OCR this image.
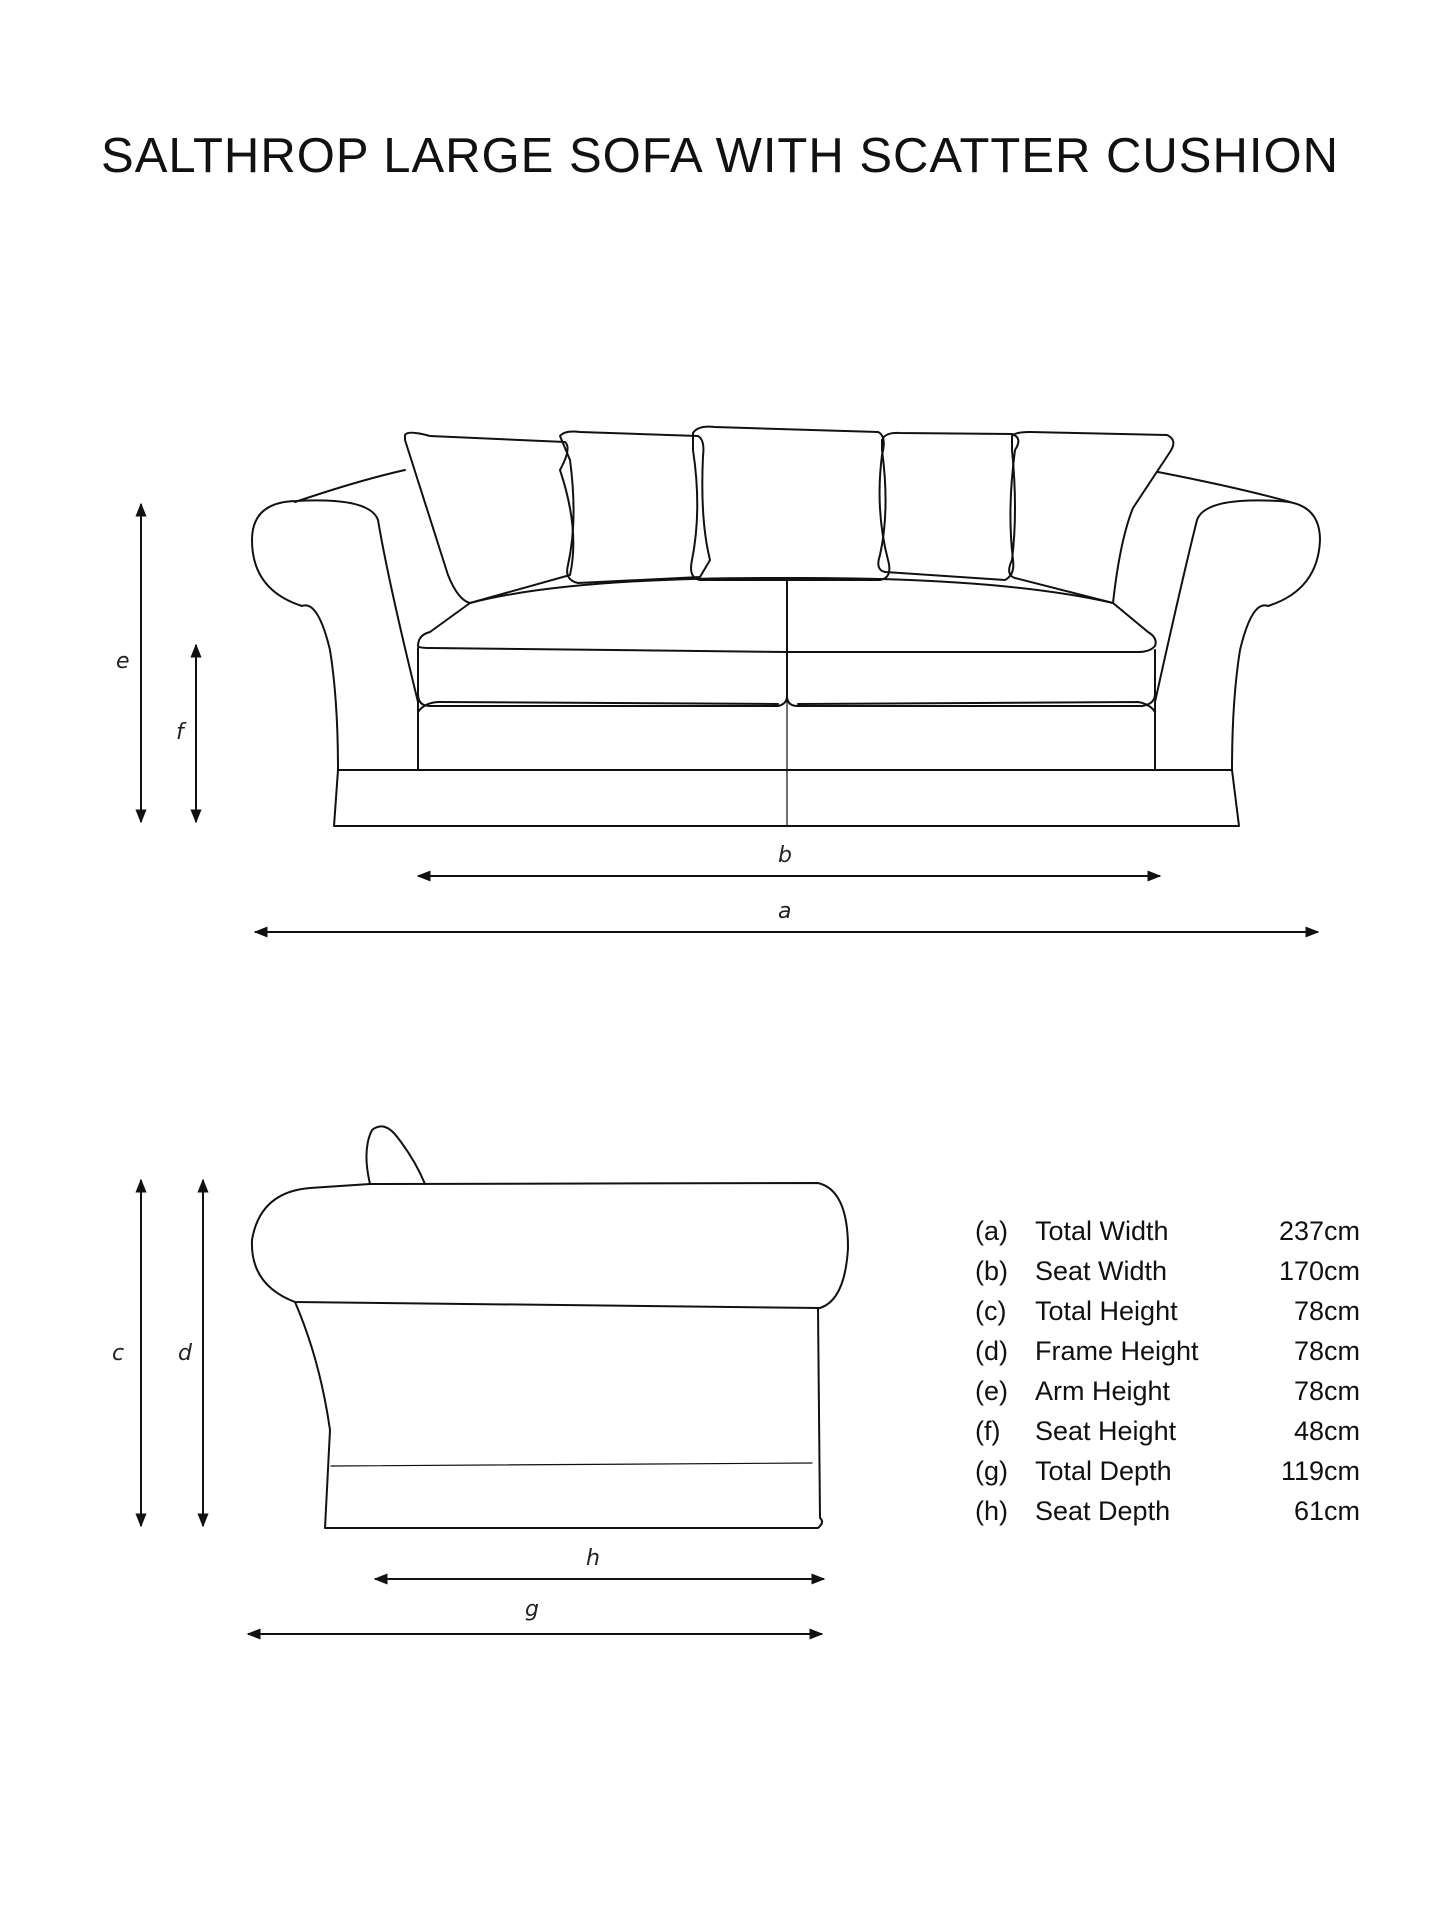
SALTHROP LARGE SOFA WITH SCATTER CUSHION
e
f
b
a
c d
h
g
(a)	Total Width	237cm
(b)	Seat Width	170cm
(c)	Total Height	78cm
(d)	Frame Height	78cm
(e)	Arm Height	78cm
(f)	Seat Height	48cm
(g)	Total Depth	119cm
(h)	Seat Depth	61cm
